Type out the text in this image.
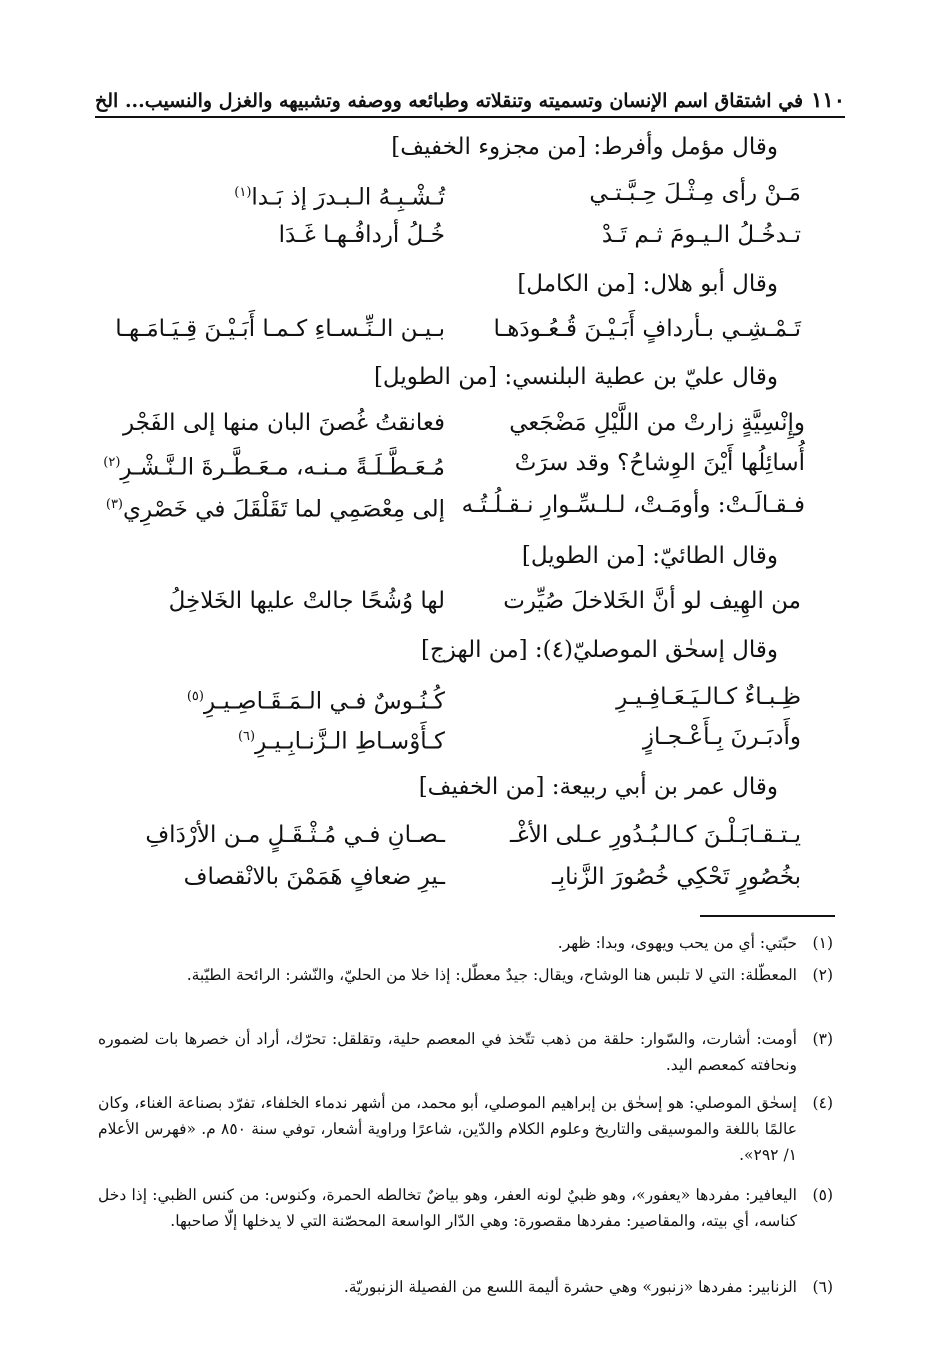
١١٠
في اشتقاق اسم الإنسان وتسميته وتنقلاته وطبائعه ووصفه وتشبيهه والغزل والنسيب... الخ
وقال مؤمل وأفرط: [من مجزوء الخفيف]
مَـنْ رأى مِـثْـلَ حِـبَّـتـي
تُـشْـبِـهُ الـبـدرَ إذ بَـدا$^{(١)}$
تـدخُـلُ الـيـومَ ثـم تَـدْ
خُـلُ أردافُـهـا غَـدَا
وقال أبو هلال: [من الكامل]
تَـمْـشِـي بـأردافٍ أَبَـيْـنَ قُـعُـودَهـا
بـيـن الـنِّـسـاءِ كـمـا أَبَـيْـنَ قِـيَـامَـهـا
وقال عليّ بن عطية البلنسي: [من الطويل]
وإِنْسِيَّةٍ زارتْ من اللَّيْلِ مَضْجَعي
فعانقتُ غُصنَ البان منها إلى الفَجْر
أُسائِلُها أَيْنَ الوِشاحُ؟ وقد سرَتْ
مُـعَـطَّـلَـةً مـنـه، مـعَـطَّـرةَ الـنَّـشْـرِ$^{(٢)}$
فـقـالَـتْ: وأومَـتْ، لـلـسِّـوارِ نـقـلُـتُـه
إلى مِعْصَمِي لما تَقَلْقَلَ في خَصْرِي$^{(٣)}$
وقال الطائيّ: [من الطويل]
من الهِيف لو أنَّ الخَلاخلَ صُيِّرت
لها وُشُحًا جالتْ عليها الخَلاخِلُ
وقال إسحٰق الموصليّ(٤): [من الهزج]
ظِـبـاءٌ كـالـيَـعَـافِـيـرِ
كُـنُـوسٌ فـي الـمَـقَـاصِـيـرِ$^{(٥)}$
وأَدبَـرنَ بِـأَعْـجـازٍ
كـأَوْسـاطِ الـزَّنـابِـيـرِ$^{(٦)}$
وقال عمر بن أبي ربيعة: [من الخفيف]
يـتـقـابَـلْـنَ كـالـبُـدُورِ عـلى الأغْـ
ـصـانِ فـي مُـثْـقَـلٍ مـن الأرْدَافِ
بخُصُورٍ تَحْكِي خُصُورَ الزَّنابِـ
ـيرِ ضعافٍ هَمَمْنَ بالانْقصاف
(١)
حبّتي: أي من يحب ويهوى، وبدا: ظهر.
(٢)
المعطّلة: التي لا تلبس هنا الوشاح، ويقال: جيدٌ معطّل: إذا خلا من الحليّ، والنّشر: الرائحة الطيّبة.
(٣)
أومت: أشارت، والسّوار: حلقة من ذهب تتّخذ في المعصم حلية، وتقلقل: تحرّك، أراد أن خصرها بات لضموره ونحافته كمعصم اليد.
(٤)
إسحٰق الموصلي: هو إسحٰق بن إبراهيم الموصلي، أبو محمد، من أشهر ندماء الخلفاء، تفرّد بصناعة الغناء، وكان عالمًا باللغة والموسيقى والتاريخ وعلوم الكلام والدّين، شاعرًا وراوية أشعار، توفي سنة ٨٥٠ م. «فهرس الأعلام ١/ ٢٩٢».
(٥)
اليعافير: مفردها «يعفور»، وهو ظبيٌ لونه العفر، وهو بياضٌ تخالطه الحمرة، وكنوس: من كنس الظبي: إذا دخل كناسه، أي بيته، والمقاصير: مفردها مقصورة: وهي الدّار الواسعة المحصّنة التي لا يدخلها إلّا صاحبها.
(٦)
الزنابير: مفردها «زنبور» وهي حشرة أليمة اللسع من الفصيلة الزنبوريّة.
